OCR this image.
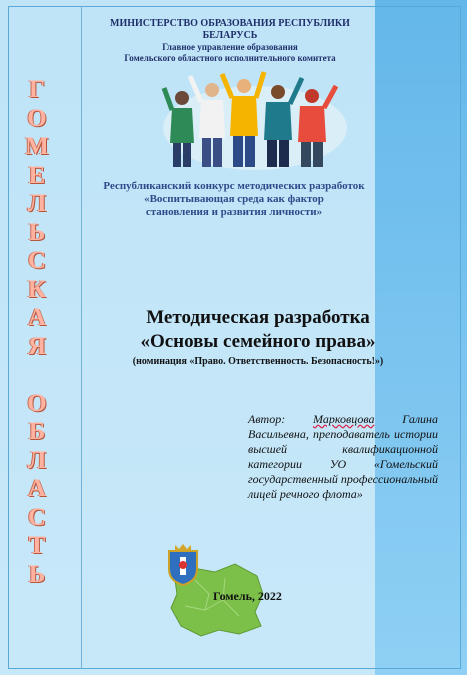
Г
О
М
Е
Л
Ь
С
К
А
Я

О
Б
Л
А
С
Т
Ь
МИНИСТЕРСТВО ОБРАЗОВАНИЯ РЕСПУБЛИКИ БЕЛАРУСЬ
Главное управление образования
Гомельского областного исполнительного комитета
Республиканский конкурс методических разработок
«Воспитывающая среда как фактор
становления и развития личности»
Методическая разработка
«Основы семейного права»
(номинация «Право. Ответственность. Безопасность!»)
Автор: Марковцова Галина Васильевна, преподаватель истории высшей квалификационной категории УО «Гомельский государственный профессиональный лицей речного флота»
Гомель, 2022
